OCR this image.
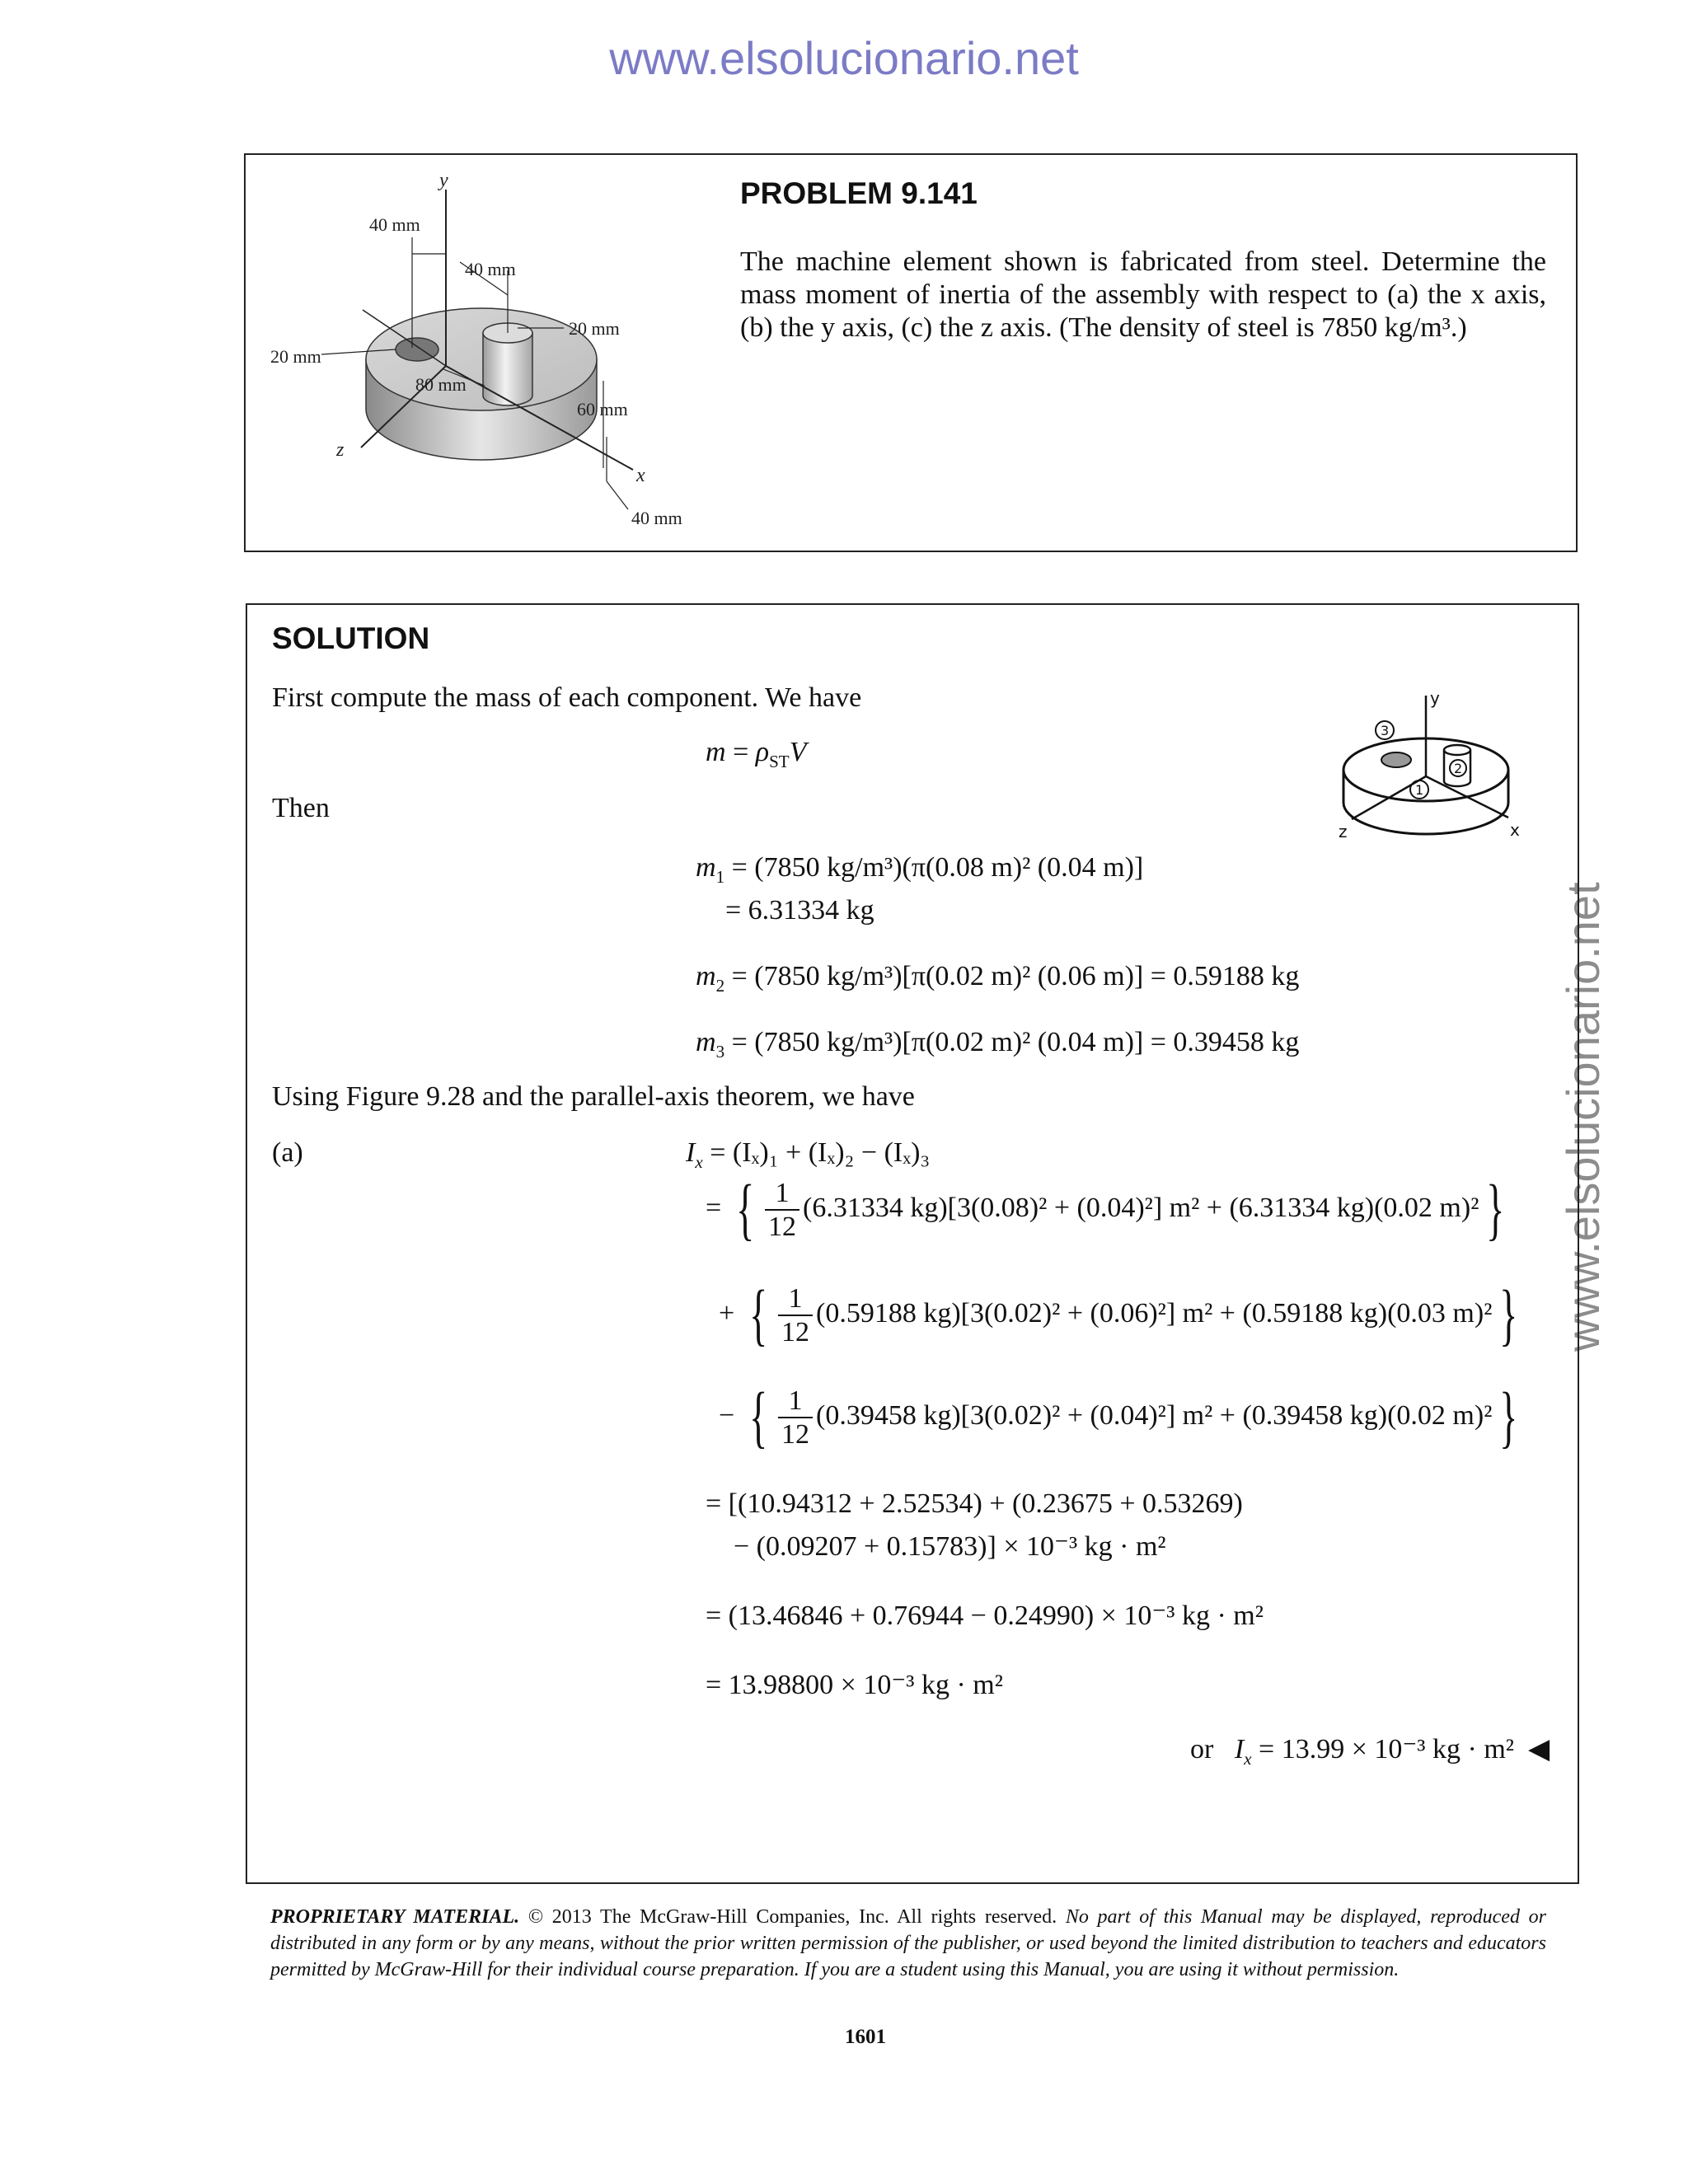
www.elsolucionario.net
www.elsolucionario.net
y
40 mm
40 mm
20 mm
20 mm
80 mm
60 mm
z
x
40 mm
PROBLEM 9.141
The machine element shown is fabricated from steel. Determine the mass moment of inertia of the assembly with respect to (a) the x axis, (b) the y axis, (c) the z axis. (The density of steel is 7850 kg/m³.)
SOLUTION
First compute the mass of each component. We have
3
2
1
y
z	x
$m = \rho_{ST}V$
Then
$m_1 = (7850$ kg/m³)(π(0.08 m)² (0.04 m)]
= 6.31334 kg
$m_2 = (7850$ kg/m³)[π(0.02 m)² (0.06 m)] = 0.59188 kg
$m_3 = (7850$ kg/m³)[π(0.02 m)² (0.04 m)] = 0.39458 kg
Using Figure 9.28 and the parallel-axis theorem, we have
(a)	$I_x = (I_x)_1 + (I_x)_2 - (I_x)_3$
= { $\frac{1}{12} (6.31334$ kg)[3(0.08)² + (0.04)²] m² + (6.31334 kg)(0.02 m)² }
+ { $\frac{1}{12} (0.59188$ kg)[3(0.02)² + (0.06)²] m² + (0.59188 kg)(0.03 m)² }
− { $\frac{1}{12} (0.39458$ kg)[3(0.02)² + (0.04)²] m² + (0.39458 kg)(0.02 m)² }
= [(10.94312 + 2.52534) + (0.23675 + 0.53269)
− (0.09207 + 0.15783)] × 10⁻³ kg · m²
= (13.46846 + 0.76944 − 0.24990) × 10⁻³ kg · m²
= 13.98800 × 10⁻³ kg · m²
or $I_x = 13.99 \times 10^{-3}$ kg · m² ◀
PROPRIETARY MATERIAL. © 2013 The McGraw-Hill Companies, Inc. All rights reserved. No part of this Manual may be displayed, reproduced or distributed in any form or by any means, without the prior written permission of the publisher, or used beyond the limited distribution to teachers and educators permitted by McGraw-Hill for their individual course preparation. If you are a student using this Manual, you are using it without permission.
1601
